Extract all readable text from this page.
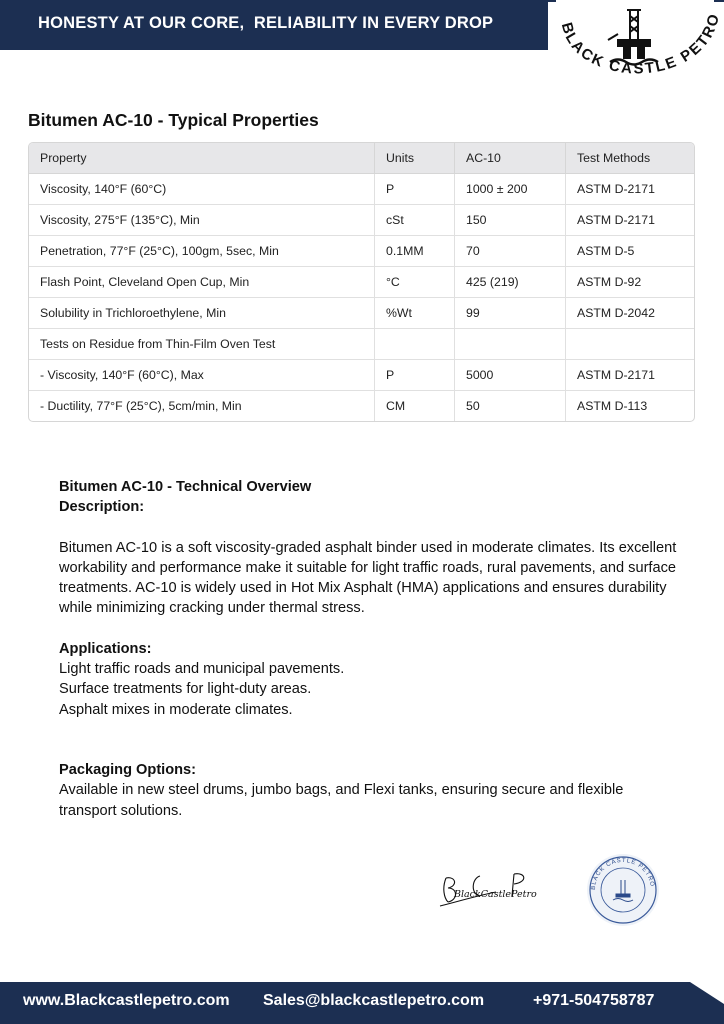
HONESTY AT OUR CORE,  RELIABILITY IN EVERY DROP	BLACK CASTLE PETRO
Bitumen AC-10 - Typical Properties
Property	Units	AC-10	Test Methods
Viscosity, 140°F (60°C)	P	1000 ± 200	ASTM D-2171
Viscosity, 275°F (135°C), Min	cSt	150	ASTM D-2171
Penetration, 77°F (25°C), 100gm, 5sec, Min	0.1MM	70	ASTM D-5
Flash Point, Cleveland Open Cup, Min	°C	425 (219)	ASTM D-92
Solubility in Trichloroethylene, Min	%Wt	99	ASTM D-2042
Tests on Residue from Thin-Film Oven Test			
- Viscosity, 140°F (60°C), Max	P	5000	ASTM D-2171
- Ductility, 77°F (25°C), 5cm/min, Min	CM	50	ASTM D-113

Bitumen AC-10 - Technical Overview

Description:

Bitumen AC-10 is a soft viscosity-graded asphalt binder used in moderate climates. Its excellent workability and performance make it suitable for light traffic roads, rural pavements, and surface treatments. AC-10 is widely used in Hot Mix Asphalt (HMA) applications and ensures durability while minimizing cracking under thermal stress.

Applications:

Light traffic roads and municipal pavements.

Surface treatments for light-duty areas.

Asphalt mixes in moderate climates.

Packaging Options:

Available in new steel drums, jumbo bags, and Flexi tanks, ensuring secure and flexible transport solutions.

BlackCastlePetro
BLACK CASTLE PETRO
www.Blackcastlepetro.com Sales@blackcastlepetro.com	+971-504758787
